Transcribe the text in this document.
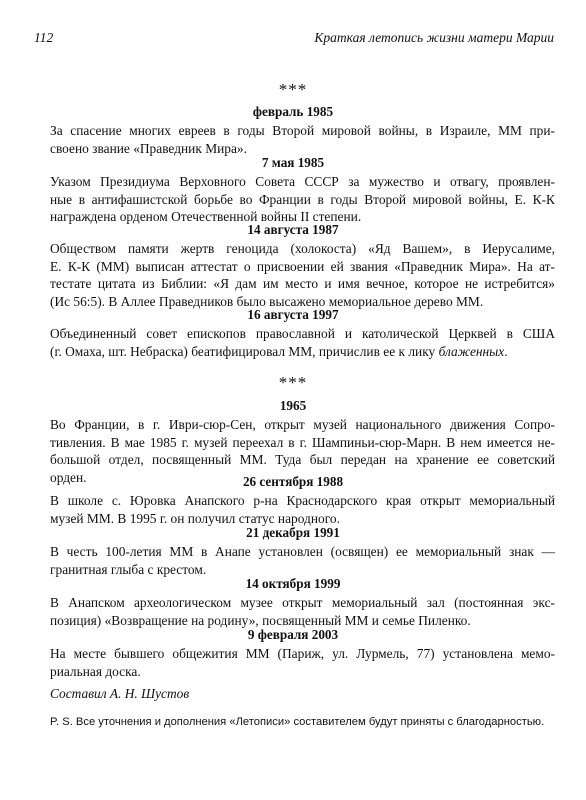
112	Краткая летопись жизни матери Марии
***
февраль 1985
За спасение многих евреев в годы Второй мировой войны, в Израиле, ММ при-
своено звание «Праведник Мира».
7 мая 1985
Указом Президиума Верховного Совета СССР за мужество и отвагу, проявлен-
ные в антифашистской борьбе во Франции в годы Второй мировой войны, Е. К-К
награждена орденом Отечественной войны II степени.
14 августа 1987
Обществом памяти жертв геноцида (холокоста) «Яд Вашем», в Иерусалиме,
Е. К-К (ММ) выписан аттестат о присвоении ей звания «Праведник Мира». На ат-
тестате цитата из Библии: «Я дам им место и имя вечное, которое не истребится»
(Ис 56:5). В Аллее Праведников было высажено мемориальное дерево ММ.
16 августа 1997
Объединенный совет епископов православной и католической Церквей в США
(г. Омаха, шт. Небраска) беатифицировал ММ, причислив ее к лику блаженных.
***
1965
Во Франции, в г. Иври-сюр-Сен, открыт музей национального движения Сопро-
тивления. В мае 1985 г. музей переехал в г. Шампиньи-сюр-Марн. В нем имеется не-
большой отдел, посвященный ММ. Туда был передан на хранение ее советский
орден.	26 сентября 1988
В школе с. Юровка Анапского р-на Краснодарского края открыт мемориальный
музей ММ. В 1995 г. он получил статус народного.
21 декабря 1991
В честь 100-летия ММ в Анапе установлен (освящен) ее мемориальный знак —
гранитная глыба с крестом.
14 октября 1999
В Анапском археологическом музее открыт мемориальный зал (постоянная экс-
позиция) «Возвращение на родину», посвященный ММ и семье Пиленко.
9 февраля 2003
На месте бывшего общежития ММ (Париж, ул. Лурмель, 77) установлена мемо-
риальная доска.
Составил А. Н. Шустов
P. S. Все уточнения и дополнения «Летописи» составителем будут приняты с благодарностью.
